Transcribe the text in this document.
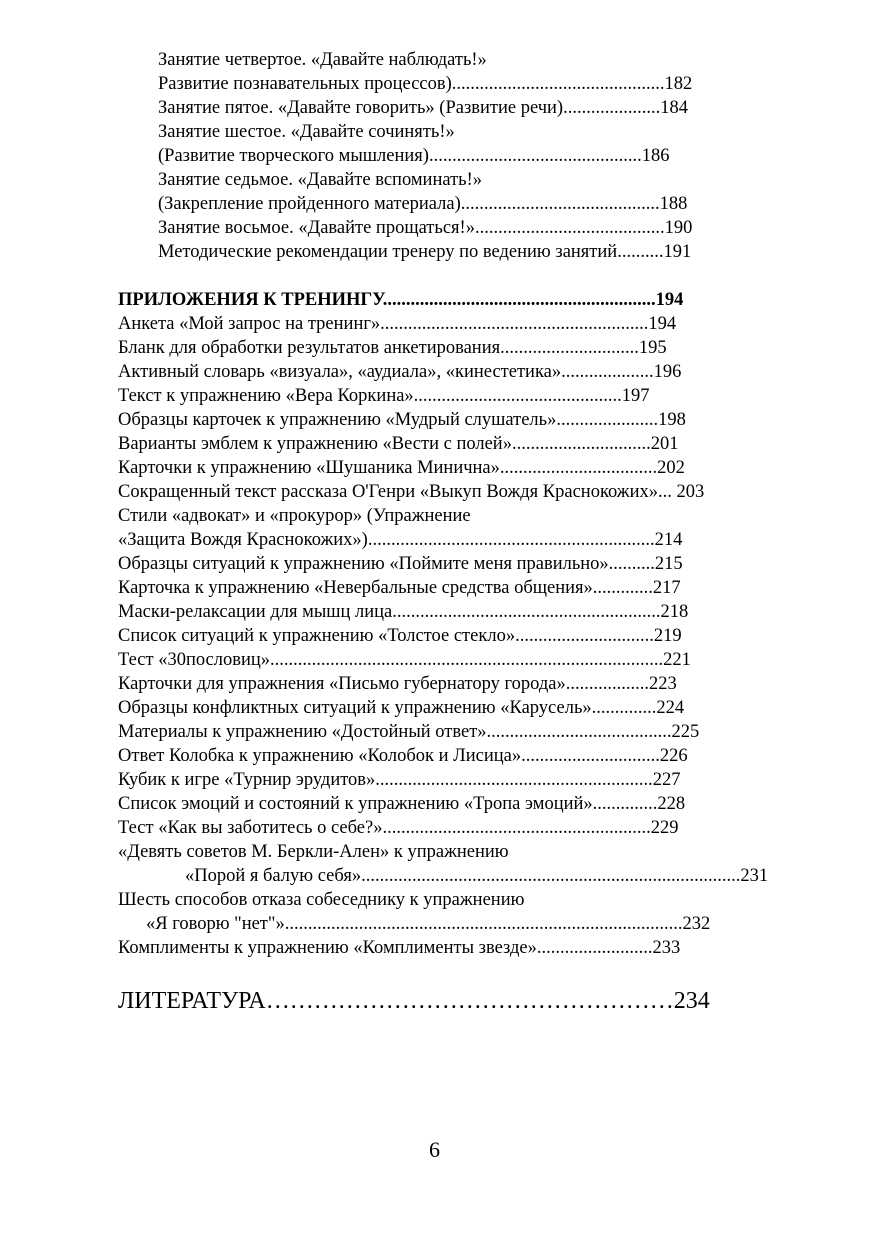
Занятие четвертое. «Давайте наблюдать!»
Развитие познавательных процессов)..............................................182
Занятие пятое. «Давайте говорить» (Развитие речи).....................184
Занятие шестое. «Давайте сочинять!»
(Развитие творческого мышления)..............................................186
Занятие седьмое. «Давайте вспоминать!»
(Закрепление пройденного материала)...........................................188
Занятие восьмое. «Давайте прощаться!».........................................190
Методические рекомендации тренеру по ведению занятий..........191
ПРИЛОЖЕНИЯ К ТРЕНИНГУ...........................................................194
Анкета «Мой запрос на тренинг»..........................................................194
Бланк для обработки результатов анкетирования..............................195
Активный словарь «визуала», «аудиала», «кинестетика»....................196
Текст к упражнению «Вера Коркина».............................................197
Образцы карточек к упражнению «Мудрый слушатель»......................198
Варианты эмблем к упражнению «Вести с полей»..............................201
Карточки к упражнению «Шушаника Минична»..................................202
Сокращенный текст рассказа О'Генри «Выкуп Вождя Краснокожих»... 203
Стили «адвокат» и «прокурор» (Упражнение
«Защита Вождя Краснокожих»)..............................................................214
Образцы ситуаций к упражнению «Поймите меня правильно»..........215
Карточка к упражнению «Невербальные средства общения».............217
Маски-релаксации для мышц лица..........................................................218
Список ситуаций к упражнению «Толстое стекло»..............................219
Тест «30пословиц».....................................................................................221
Карточки для упражнения «Письмо губернатору города»..................223
Образцы конфликтных ситуаций к упражнению «Карусель»..............224
Материалы к упражнению «Достойный ответ»........................................225
Ответ Колобка к упражнению «Колобок и Лисица»..............................226
Кубик к игре «Турнир эрудитов»............................................................227
Список эмоций и состояний к упражнению «Тропа эмоций»..............228
Тест «Как вы заботитесь о себе?»..........................................................229
«Девять советов М. Беркли-Ален» к упражнению
«Порой я балую себя»..................................................................................231
Шесть способов отказа собеседнику к упражнению
«Я говорю "нет"»......................................................................................232
Комплименты к упражнению «Комплименты звезде».........................233
ЛИТЕРАТУРА……………………………………………234
6
